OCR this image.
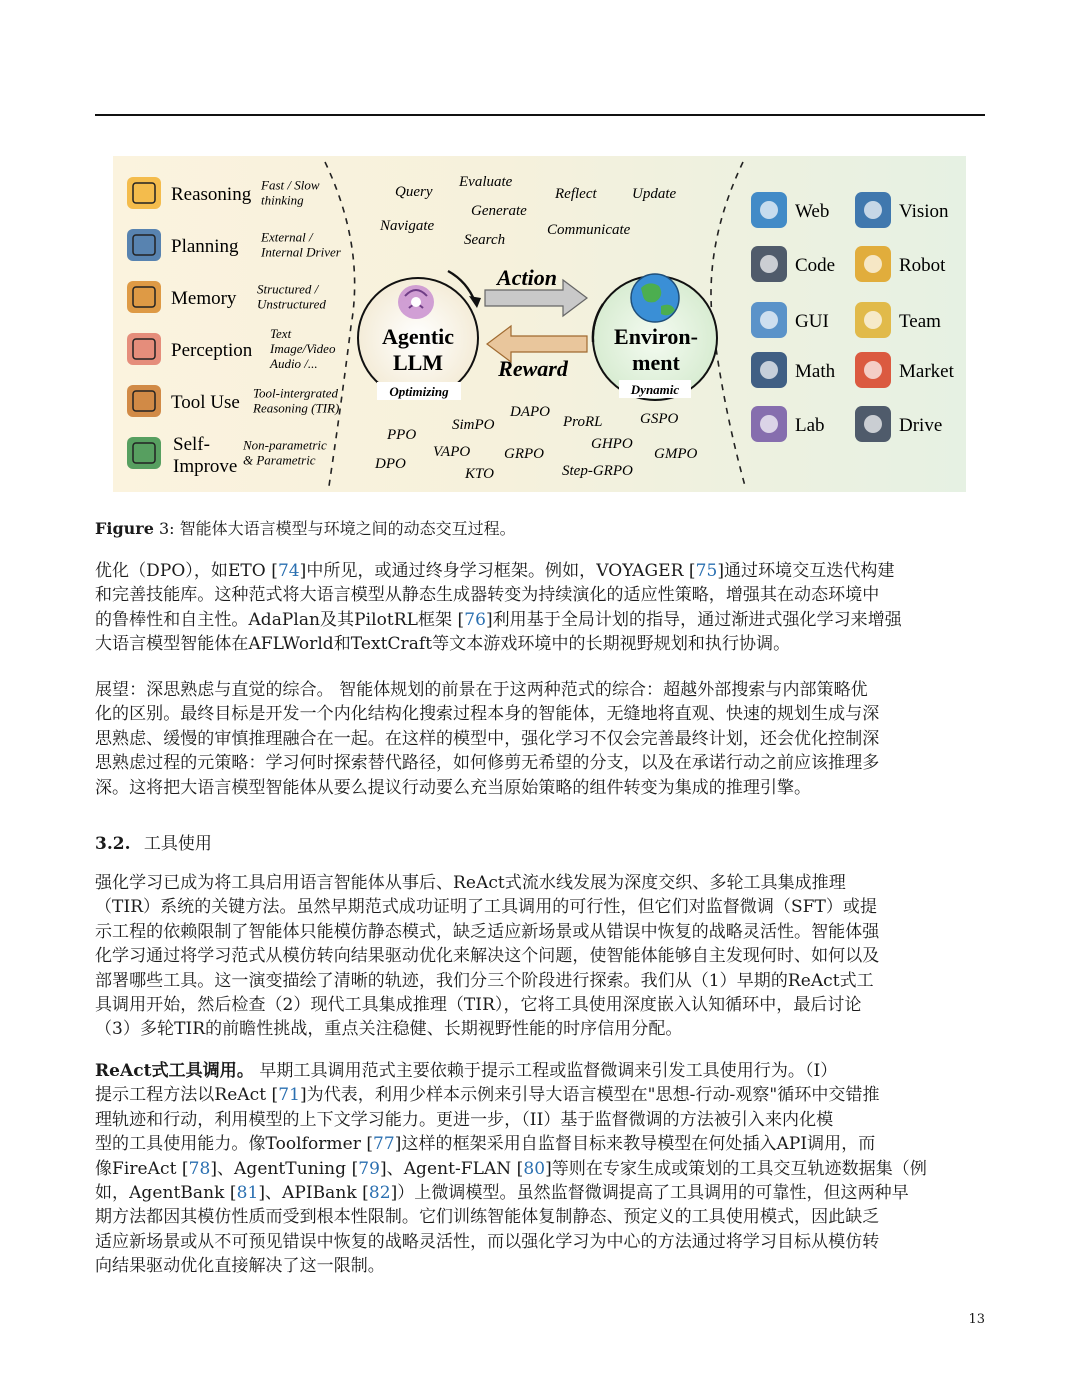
Reasoning Fast / Slow
thinking
Planning External /
Internal Driver
Memory Structured /
Unstructured
Perception
Text
Image/Video
Audio /...
Tool Use Tool-intergrated
Reasoning (TIR)
Self-
Improve
Non-parametric
& Parametric
Evaluate
Query	Reflect Update
Generate
Navigate	Communicate
Search
DAPO
SimPO	ProRL	GSPO
PPO
GHPO
VAPO GRPO	GMPO
DPO
KTO	Step-GRPO
Web	Vision
Code	Robot
GUI	Team
Math	Market
Lab	Drive
Agentic
LLM
Optimizing
Environ-
ment
Dynamic
Action
Reward
Figure 3: 智能体大语言模型与环境之间的动态交互过程。
优化（DPO），如ETO [74]中所见，或通过终身学习框架。例如，VOYAGER [75]通过环境交互迭代构建
和完善技能库。这种范式将大语言模型从静态生成器转变为持续演化的适应性策略，增强其在动态环境中
的鲁棒性和自主性。AdaPlan及其PilotRL框架 [76]利用基于全局计划的指导，通过渐进式强化学习来增强
大语言模型智能体在AFLWorld和TextCraft等文本游戏环境中的长期视野规划和执行协调。
展望：深思熟虑与直觉的综合。 智能体规划的前景在于这两种范式的综合：超越外部搜索与内部策略优
化的区别。最终目标是开发一个内化结构化搜索过程本身的智能体，无缝地将直观、快速的规划生成与深
思熟虑、缓慢的审慎推理融合在一起。在这样的模型中，强化学习不仅会完善最终计划，还会优化控制深
思熟虑过程的元策略：学习何时探索替代路径，如何修剪无希望的分支，以及在承诺行动之前应该推理多
深。这将把大语言模型智能体从要么提议行动要么充当原始策略的组件转变为集成的推理引擎。
3.2. 工具使用
强化学习已成为将工具启用语言智能体从事后、ReAct式流水线发展为深度交织、多轮工具集成推理
（TIR）系统的关键方法。虽然早期范式成功证明了工具调用的可行性，但它们对监督微调（SFT）或提
示工程的依赖限制了智能体只能模仿静态模式，缺乏适应新场景或从错误中恢复的战略灵活性。智能体强
化学习通过将学习范式从模仿转向结果驱动优化来解决这个问题，使智能体能够自主发现何时、如何以及
部署哪些工具。这一演变描绘了清晰的轨迹，我们分三个阶段进行探索。我们从（1）早期的ReAct式工
具调用开始，然后检查（2）现代工具集成推理（TIR），它将工具使用深度嵌入认知循环中，最后讨论
（3）多轮TIR的前瞻性挑战，重点关注稳健、长期视野性能的时序信用分配。
ReAct式工具调用。 早期工具调用范式主要依赖于提示工程或监督微调来引发工具使用行为。（I）
提示工程方法以ReAct [71]为代表，利用少样本示例来引导大语言模型在"思想-行动-观察"循环中交错推
理轨迹和行动，利用模型的上下文学习能力。更进一步，（II）基于监督微调的方法被引入来内化模
型的工具使用能力。像Toolformer [77]这样的框架采用自监督目标来教导模型在何处插入API调用，而
像FireAct [78]、AgentTuning [79]、Agent-FLAN [80]等则在专家生成或策划的工具交互轨迹数据集（例
如，AgentBank [81]、APIBank [82]）上微调模型。虽然监督微调提高了工具调用的可靠性，但这两种早
期方法都因其模仿性质而受到根本性限制。它们训练智能体复制静态、预定义的工具使用模式，因此缺乏
适应新场景或从不可预见错误中恢复的战略灵活性，而以强化学习为中心的方法通过将学习目标从模仿转
向结果驱动优化直接解决了这一限制。
13
